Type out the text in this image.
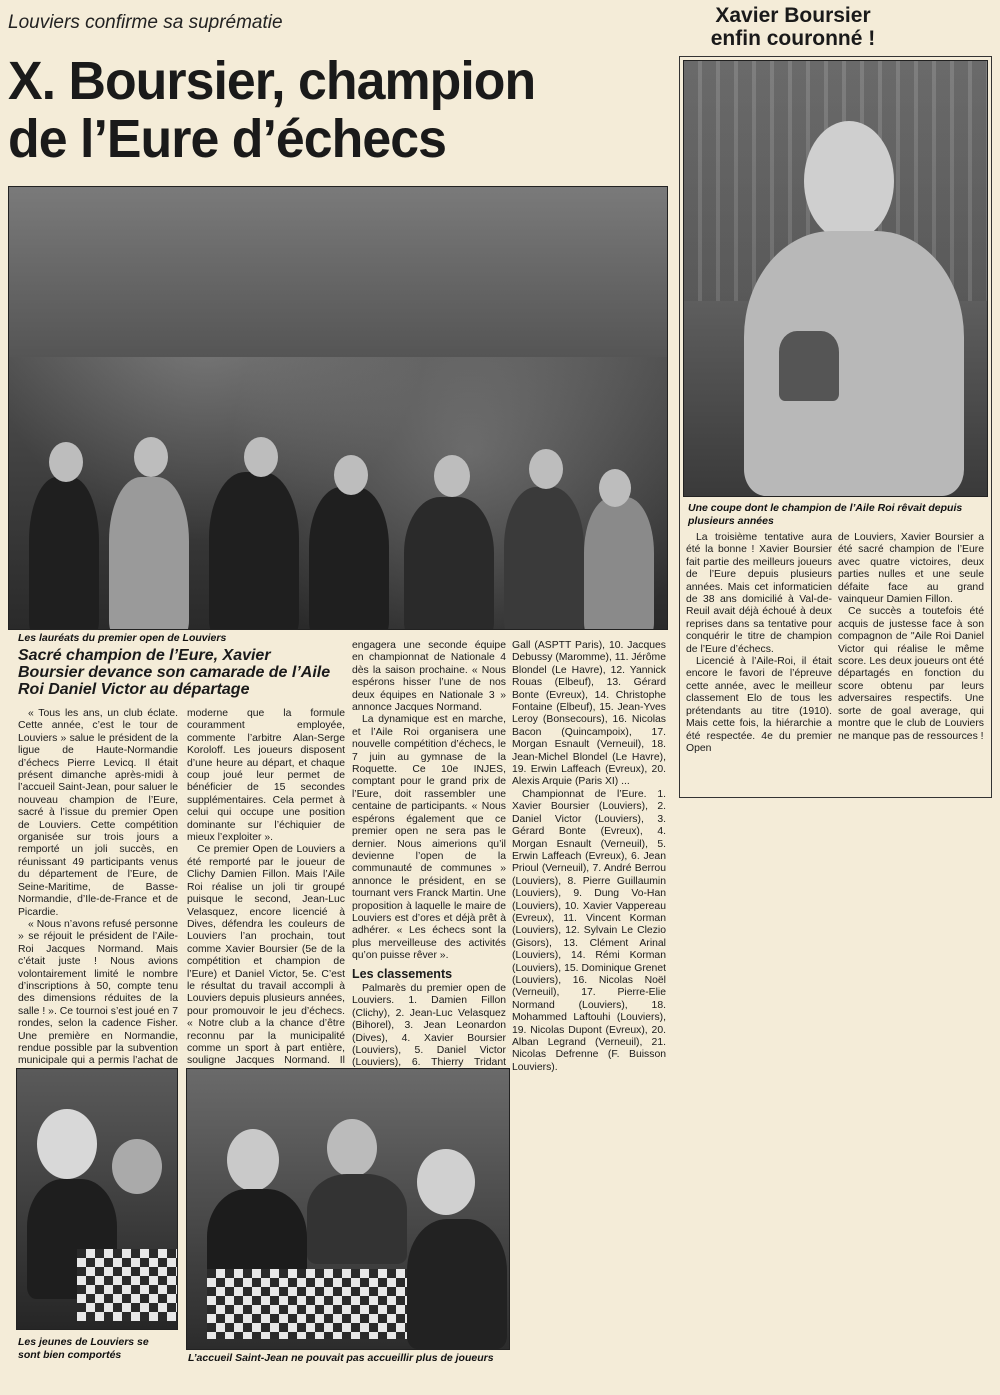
Louviers confirme sa suprématie
X. Boursier, champion
de l’Eure d’échecs
Les lauréats du premier open de Louviers
Sacré champion de l’Eure, Xavier Boursier devance son camarade de l’Aile Roi Daniel Victor au départage

« Tous les ans, un club éclate. Cette année, c’est le tour de Louviers » salue le président de la ligue de Haute-Normandie d’échecs Pierre Levicq. Il était présent dimanche après-midi à l’accueil Saint-Jean, pour saluer le nouveau champion de l’Eure, sacré à l’issue du premier Open de Louviers. Cette compétition organisée sur trois jours a remporté un joli succès, en réunissant 49 participants venus du département de l’Eure, de Seine-Maritime, de Basse-Normandie, d’Ile-de-France et de Picardie.

« Nous n’avons refusé personne » se réjouit le président de l’Aile-Roi Jacques Normand. Mais c’était juste ! Nous avions volontairement limité le nombre d’inscriptions à 50, compte tenu des dimensions réduites de la salle ! ». Ce tournoi s’est joué en 7 rondes, selon la cadence Fisher. Une première en Normandie, rendue possible par la subvention municipale qui a permis l’achat de

moderne que la formule couramment employée, commente l’arbitre Alan-Serge Koroloff. Les joueurs disposent d’une heure au départ, et chaque coup joué leur permet de bénéficier de 15 secondes supplémentaires. Cela permet à celui qui occupe une position dominante sur l’échiquier de mieux l’exploiter ».

Ce premier Open de Louviers a été remporté par le joueur de Clichy Damien Fillon. Mais l’Aile Roi réalise un joli tir groupé puisque le second, Jean-Luc Velasquez, encore licencié à Dives, défendra les couleurs de Louviers l’an prochain, tout comme Xavier Boursier (5e de la compétition et champion de l’Eure) et Daniel Victor, 5e. C’est le résultat du travail accompli à Louviers depuis plusieurs années, pour promouvoir le jeu d’échecs. « Notre club a la chance d’être reconnu par la municipalité comme un sport à part entière, souligne Jacques Normand. Il

engagera une seconde équipe en championnat de Nationale 4 dès la saison prochaine. « Nous espérons hisser l’une de nos deux équipes en Nationale 3 » annonce Jacques Normand.

La dynamique est en marche, et l’Aile Roi organisera une nouvelle compétition d’échecs, le 7 juin au gymnase de la Roquette. Ce 10e INJES, comptant pour le grand prix de l’Eure, doit rassembler une centaine de participants. « Nous espérons également que ce premier open ne sera pas le dernier. Nous aimerions qu’il devienne l’open de la communauté de communes » annonce le président, en se tournant vers Franck Martin. Une proposition à laquelle le maire de Louviers est d’ores et déjà prêt à adhérer. « Les échecs sont la plus merveilleuse des activités qu’on puisse rêver ».

Les classements

Palmarès du premier open de Louviers. 1. Damien Fillon (Clichy), 2. Jean-Luc Velasquez (Bihorel), 3. Jean Leonardon (Dives), 4. Xavier Boursier (Louviers), 5. Daniel Victor (Louviers), 6. Thierry Tridant

Gall (ASPTT Paris), 10. Jacques Debussy (Maromme), 11. Jérôme Blondel (Le Havre), 12. Yannick Rouas (Elbeuf), 13. Gérard Bonte (Evreux), 14. Christophe Fontaine (Elbeuf), 15. Jean-Yves Leroy (Bonsecours), 16. Nicolas Bacon (Quincampoix), 17. Morgan Esnault (Verneuil), 18. Jean-Michel Blondel (Le Havre), 19. Erwin Laffeach (Evreux), 20. Alexis Arquie (Paris XI) ...

Championnat de l’Eure. 1. Xavier Boursier (Louviers), 2. Daniel Victor (Louviers), 3. Gérard Bonte (Evreux), 4. Morgan Esnault (Verneuil), 5. Erwin Laffeach (Evreux), 6. Jean Prioul (Verneuil), 7. André Berrou (Louviers), 8. Pierre Guillaumin (Louviers), 9. Dung Vo-Han (Louviers), 10. Xavier Vappereau (Evreux), 11. Vincent Korman (Louviers), 12. Sylvain Le Clezio (Gisors), 13. Clément Arinal (Louviers), 14. Rémi Korman (Louviers), 15. Dominique Grenet (Louviers), 16. Nicolas Noël (Verneuil), 17. Pierre-Elie Normand (Louviers), 18. Mohammed Laftouhi (Louviers), 19. Nicolas Dupont (Evreux), 20. Alban Legrand (Verneuil), 21. Nicolas Defrenne (F. Buisson Louviers).

Les jeunes de Louviers se sont bien comportés	L’accueil Saint-Jean ne pouvait pas accueillir plus de joueurs
Xavier Boursier
enfin couronné !
Une coupe dont le champion de l’Aile Roi rêvait depuis plusieurs années

La troisième tentative aura été la bonne ! Xavier Boursier fait partie des meilleurs joueurs de l’Eure depuis plusieurs années. Mais cet informaticien de 38 ans domicilié à Val-de-Reuil avait déjà échoué à deux reprises dans sa tentative pour conquérir le titre de champion de l’Eure d’échecs.

Licencié à l’Aile-Roi, il était encore le favori de l’épreuve cette année, avec le meilleur classement Elo de tous les prétendants au titre (1910). Mais cette fois, la hiérarchie a été respectée. 4e du premier Open

de Louviers, Xavier Boursier a été sacré champion de l’Eure avec quatre victoires, deux parties nulles et une seule défaite face au grand vainqueur Damien Fillon.

Ce succès a toutefois été acquis de justesse face à son compagnon de "Aile Roi Daniel Victor qui réalise le même score. Les deux joueurs ont été départagés en fonction du score obtenu par leurs adversaires respectifs. Une sorte de goal average, qui montre que le club de Louviers ne manque pas de ressources !
